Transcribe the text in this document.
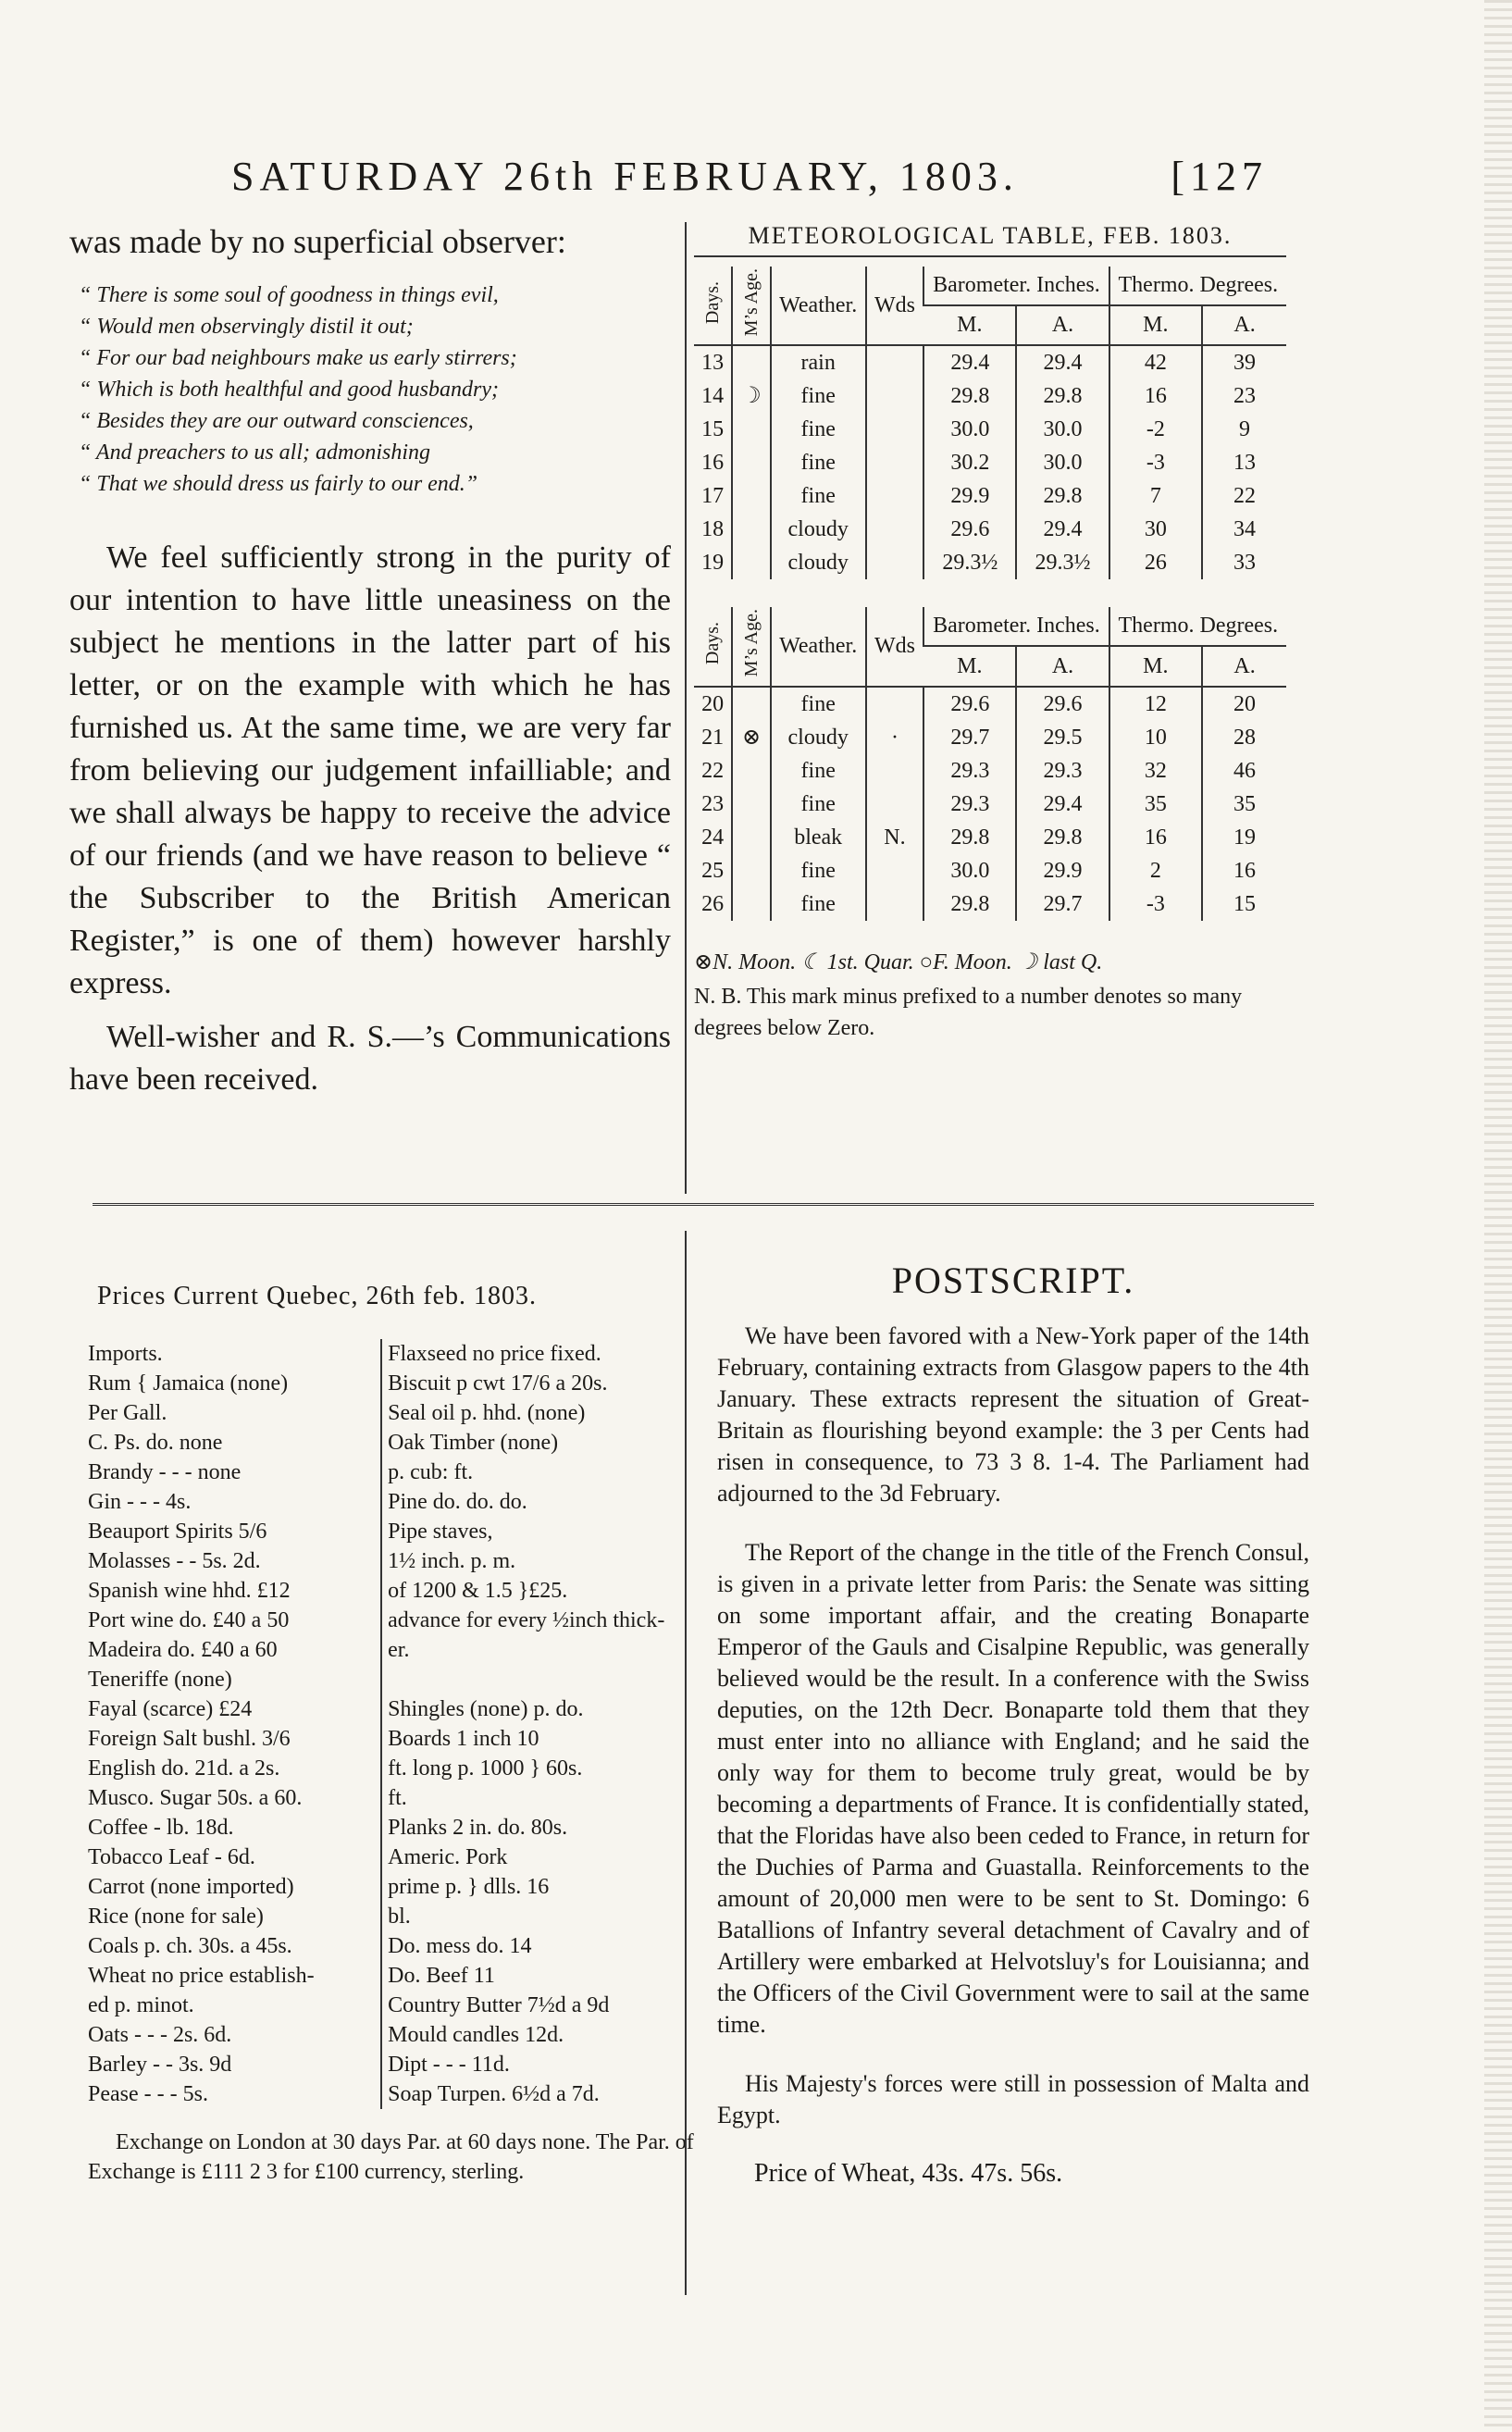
SATURDAY 26th FEBRUARY, 1803.	[127
was made by no superficial observer:
“ There is some soul of goodness in things evil,
“ Would men observingly distil it out;
“ For our bad neighbours make us early stirrers;
“ Which is both healthful and good husbandry;
“ Besides they are our outward consciences,
“ And preachers to us all; admonishing
“ That we should dress us fairly to our end.”

We feel sufficiently strong in the purity of our intention to have little uneasiness on the subject he mentions in the latter part of his letter, or on the example with which he has furnished us. At the same time, we are very far from believing our judgement infailliable; and we shall always be happy to receive the advice of our friends (and we have reason to believe “ the Subscriber to the British American Register,” is one of them) however harshly express.

Well-wisher and R. S.—’s Communications have been received.

METEOROLOGICAL TABLE, FEB. 1803.
Days.	M’s Age.	Weather.	Wds	Barometer. Inches.		Thermo. Degrees.	
				M.	A.	M.	A.
13		rain		29.4	29.4	42	39
14	☽	fine		29.8	29.8	16	23
15		fine		30.0	30.0	-2	9
16		fine		30.2	30.0	-3	13
17		fine		29.9	29.8	7	22
18		cloudy		29.6	29.4	30	34
19		cloudy		29.3½	29.3½	26	33
Days.	M’s Age.	Weather.	Wds	Barometer. Inches.		Thermo. Degrees.	
				M.	A.	M.	A.
20		fine		29.6	29.6	12	20
21	⊗	cloudy	·	29.7	29.5	10	28
22		fine		29.3	29.3	32	46
23		fine		29.3	29.4	35	35
24		bleak	N.	29.8	29.8	16	19
25		fine		30.0	29.9	2	16
26		fine		29.8	29.7	-3	15
⊗N. Moon. ☾ 1st. Quar. ○F. Moon. ☽ last Q.
N. B. This mark minus prefixed to a number denotes so many degrees below Zero.
Prices Current Quebec, 26th feb. 1803.
Imports.	Flaxseed no price fixed.
Rum { Jamaica (none)	Biscuit p cwt 17/6 a 20s.
Per Gall.	Seal oil p. hhd. (none)
C. Ps. do. none	Oak Timber (none)
Brandy - - - none	p. cub: ft.
Gin - - - 4s.	Pine do. do. do.
Beauport Spirits 5/6	Pipe staves,
Molasses - - 5s. 2d.	1½ inch. p. m.
Spanish wine hhd. £12	of 1200 & 1.5 }£25.
Port wine do. £40 a 50	advance for every ½inch thick-
Madeira do. £40 a 60	er.
Teneriffe (none)
Fayal (scarce) £24	Shingles (none) p. do.
Foreign Salt bushl. 3/6	Boards 1 inch 10
English do. 21d. a 2s.	ft. long p. 1000 } 60s.
Musco. Sugar 50s. a 60.	ft.
Coffee - lb. 18d.	Planks 2 in. do. 80s.
Tobacco Leaf - 6d.	Americ. Pork
Carrot (none imported)	prime p. } dlls. 16
Rice (none for sale)	bl.
Coals p. ch. 30s. a 45s.	Do. mess do. 14
Wheat no price establish-	Do. Beef 11
ed p. minot.	Country Butter 7½d a 9d
Oats - - - 2s. 6d.	Mould candles 12d.
Barley - - 3s. 9d	Dipt - - - 11d.
Pease - - - 5s.	Soap Turpen. 6½d a 7d.
Exchange on London at 30 days Par. at 60 days none. The Par. of Exchange is £111 2 3 for £100 currency, sterling.
POSTSCRIPT.

We have been favored with a New-York paper of the 14th February, containing extracts from Glasgow papers to the 4th January. These extracts represent the situation of Great-Britain as flourishing beyond example: the 3 per Cents had risen in consequence, to 73 3 8. 1-4. The Parliament had adjourned to the 3d February.

The Report of the change in the title of the French Consul, is given in a private letter from Paris: the Senate was sitting on some important affair, and the creating Bonaparte Emperor of the Gauls and Cisalpine Republic, was generally believed would be the result. In a conference with the Swiss deputies, on the 12th Decr. Bonaparte told them that they must enter into no alliance with England; and he said the only way for them to become truly great, would be by becoming a departments of France. It is confidentially stated, that the Floridas have also been ceded to France, in return for the Duchies of Parma and Guastalla. Reinforcements to the amount of 20,000 men were to be sent to St. Domingo: 6 Batallions of Infantry several detachment of Cavalry and of Artillery were embarked at Helvotsluy's for Louisianna; and the Officers of the Civil Government were to sail at the same time.

His Majesty's forces were still in possession of Malta and Egypt.

Price of Wheat, 43s. 47s. 56s.
